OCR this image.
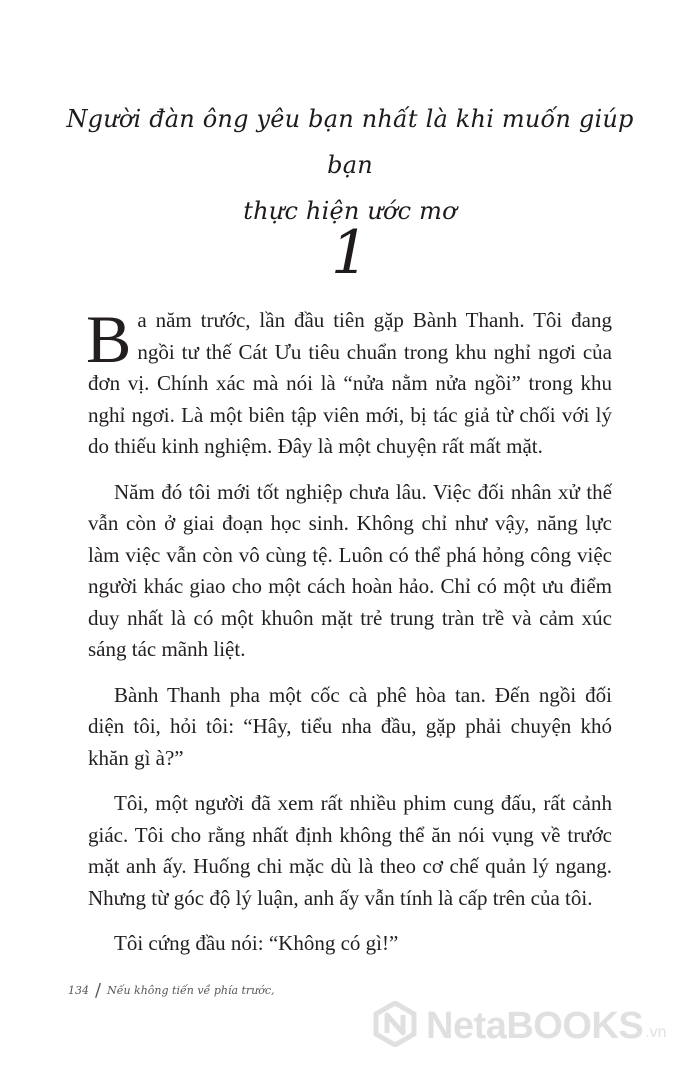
Người đàn ông yêu bạn nhất là khi muốn giúp bạn
thực hiện ước mơ
1

Ba năm trước, lần đầu tiên gặp Bành Thanh. Tôi đang ngồi tư thế Cát Ưu tiêu chuẩn trong khu nghỉ ngơi của đơn vị. Chính xác mà nói là “nửa nằm nửa ngồi” trong khu nghỉ ngơi. Là một biên tập viên mới, bị tác giả từ chối với lý do thiếu kinh nghiệm. Đây là một chuyện rất mất mặt.

Năm đó tôi mới tốt nghiệp chưa lâu. Việc đối nhân xử thế vẫn còn ở giai đoạn học sinh. Không chỉ như vậy, năng lực làm việc vẫn còn vô cùng tệ. Luôn có thể phá hỏng công việc người khác giao cho một cách hoàn hảo. Chỉ có một ưu điểm duy nhất là có một khuôn mặt trẻ trung tràn trề và cảm xúc sáng tác mãnh liệt.

Bành Thanh pha một cốc cà phê hòa tan. Đến ngồi đối diện tôi, hỏi tôi: “Hây, tiểu nha đầu, gặp phải chuyện khó khăn gì à?”

Tôi, một người đã xem rất nhiều phim cung đấu, rất cảnh giác. Tôi cho rằng nhất định không thể ăn nói vụng về trước mặt anh ấy. Huống chi mặc dù là theo cơ chế quản lý ngang. Nhưng từ góc độ lý luận, anh ấy vẫn tính là cấp trên của tôi.

Tôi cứng đầu nói: “Không có gì!”

134 / Nếu không tiến về phía trước,
NetaBOOKS .vn
